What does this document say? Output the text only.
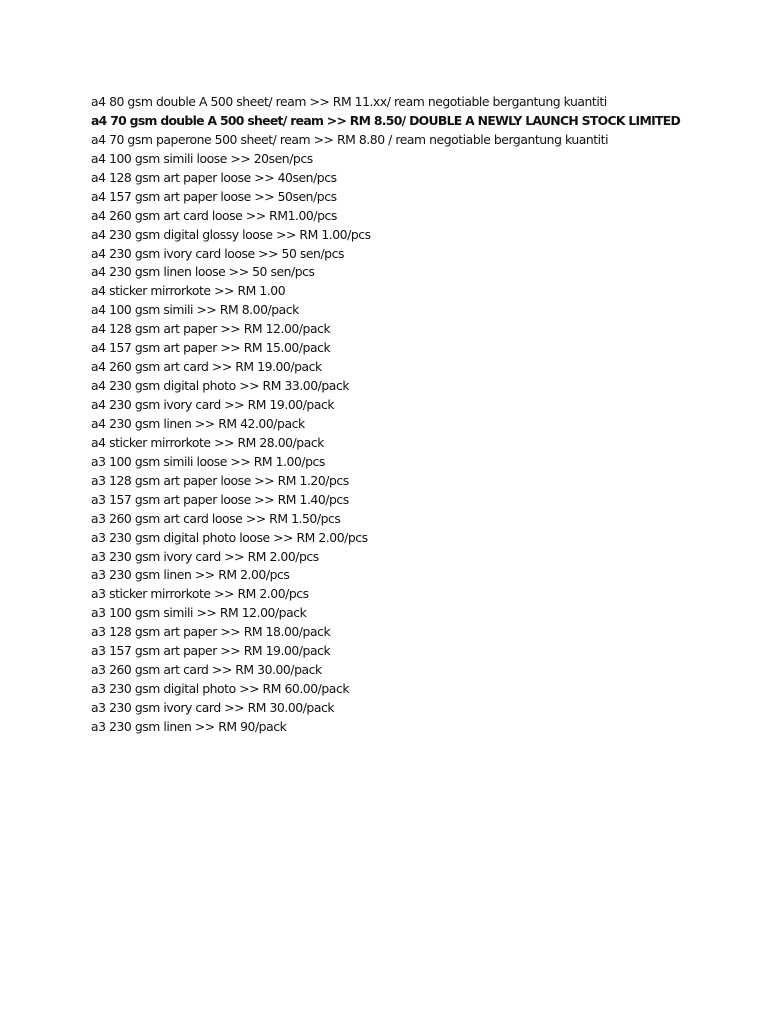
a4 80 gsm double A 500 sheet/ ream >> RM 11.xx/ ream negotiable bergantung kuantiti
a4 70 gsm double A 500 sheet/ ream >> RM 8.50/ DOUBLE A NEWLY LAUNCH STOCK LIMITED
a4 70 gsm paperone 500 sheet/ ream >> RM 8.80 / ream negotiable bergantung kuantiti
a4 100 gsm simili loose >> 20sen/pcs
a4 128 gsm art paper loose >> 40sen/pcs
a4 157 gsm art paper loose >> 50sen/pcs
a4 260 gsm art card loose >> RM1.00/pcs
a4 230 gsm digital glossy loose >> RM 1.00/pcs
a4 230 gsm ivory card loose >> 50 sen/pcs
a4 230 gsm linen loose >> 50 sen/pcs
a4 sticker mirrorkote >> RM 1.00
a4 100 gsm simili >> RM 8.00/pack
a4 128 gsm art paper >> RM 12.00/pack
a4 157 gsm art paper >> RM 15.00/pack
a4 260 gsm art card >> RM 19.00/pack
a4 230 gsm digital photo >> RM 33.00/pack
a4 230 gsm ivory card >> RM 19.00/pack
a4 230 gsm linen >> RM 42.00/pack
a4 sticker mirrorkote >> RM 28.00/pack
a3 100 gsm simili loose >> RM 1.00/pcs
a3 128 gsm art paper loose >> RM 1.20/pcs
a3 157 gsm art paper loose >> RM 1.40/pcs
a3 260 gsm art card loose >> RM 1.50/pcs
a3 230 gsm digital photo loose >> RM 2.00/pcs
a3 230 gsm ivory card >> RM 2.00/pcs
a3 230 gsm linen >> RM 2.00/pcs
a3 sticker mirrorkote >> RM 2.00/pcs
a3 100 gsm simili >> RM 12.00/pack
a3 128 gsm art paper >> RM 18.00/pack
a3 157 gsm art paper >> RM 19.00/pack
a3 260 gsm art card >> RM 30.00/pack
a3 230 gsm digital photo >> RM 60.00/pack
a3 230 gsm ivory card >> RM 30.00/pack
a3 230 gsm linen >> RM 90/pack
